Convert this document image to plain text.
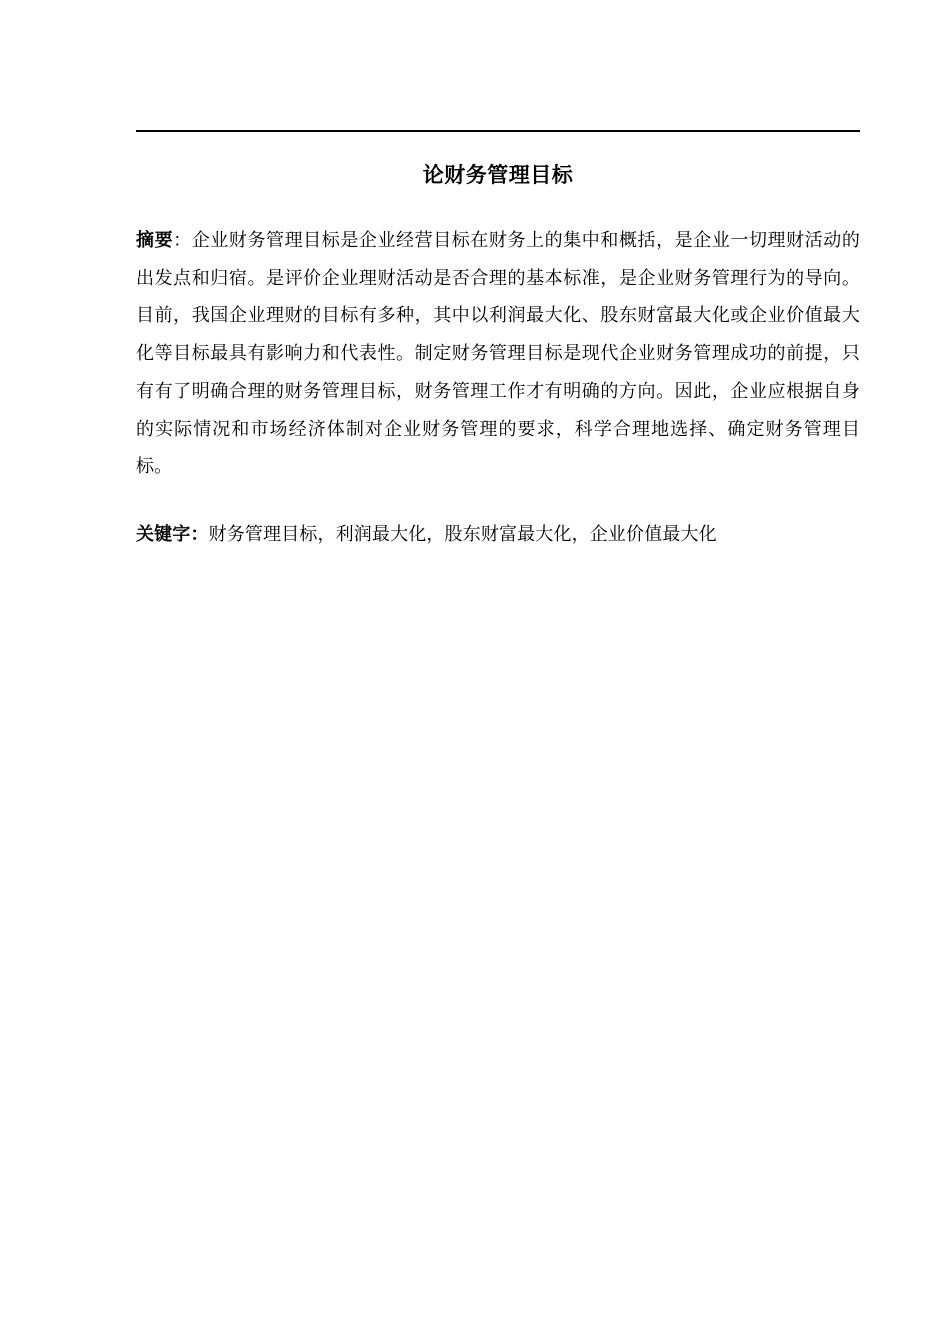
论财务管理目标
摘要：企业财务管理目标是企业经营目标在财务上的集中和概括，是企业一切理财活动的出发点和归宿。是评价企业理财活动是否合理的基本标准，是企业财务管理行为的导向。目前，我国企业理财的目标有多种，其中以利润最大化、股东财富最大化或企业价值最大化等目标最具有影响力和代表性。制定财务管理目标是现代企业财务管理成功的前提，只有有了明确合理的财务管理目标，财务管理工作才有明确的方向。因此，企业应根据自身的实际情况和市场经济体制对企业财务管理的要求，科学合理地选择、确定财务管理目标。
关键字：财务管理目标，利润最大化，股东财富最大化，企业价值最大化
